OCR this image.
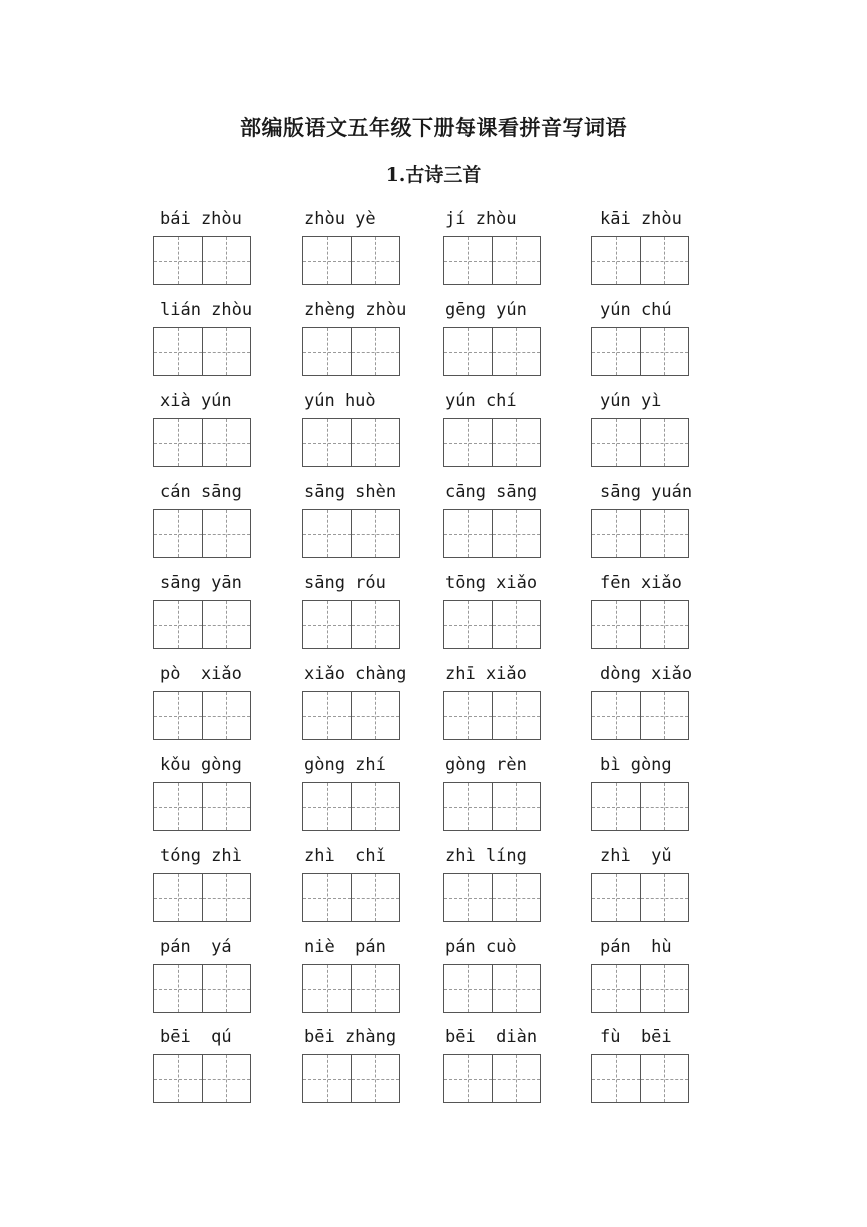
部编版语文五年级下册每课看拼音写词语
1.古诗三首
bái zhòu	zhòu yè	jí zhòu	kāi zhòu
lián zhòu	zhèng zhòu	gēng yún	yún chú
xià yún	yún huò	yún chí	yún yì
cán sāng	sāng shèn	cāng sāng	sāng yuán
sāng yān	sāng róu	tōng xiǎo	fēn xiǎo
pò  xiǎo	xiǎo chàng	zhī xiǎo	dòng xiǎo
kǒu gòng	gòng zhí	gòng rèn	bì gòng
tóng zhì	zhì  chǐ	zhì líng	zhì  yǔ
pán  yá	niè  pán	pán cuò	pán  hù
bēi  qú	bēi zhàng	bēi  diàn	fù  bēi
